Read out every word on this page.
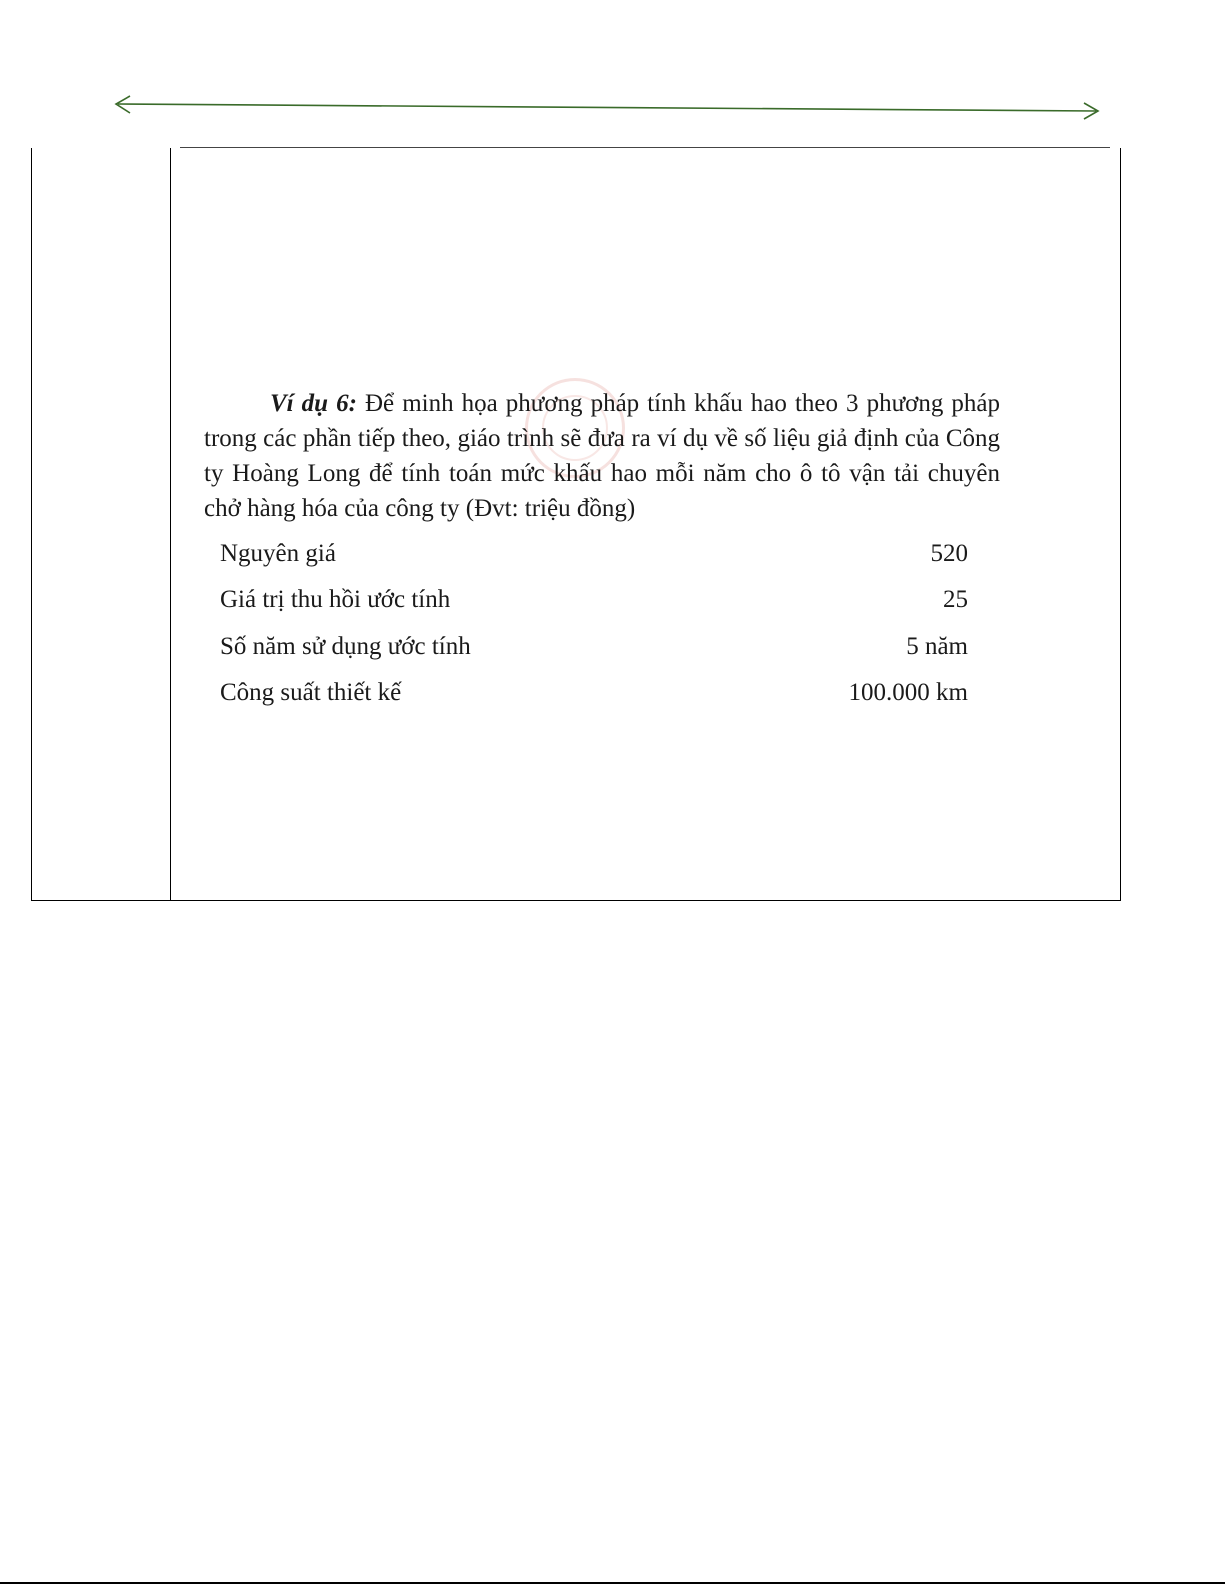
Ví dụ 6: Để minh họa phương pháp tính khấu hao theo 3 phương pháp trong các phần tiếp theo, giáo trình sẽ đưa ra ví dụ về số liệu giả định của Công ty Hoàng Long để tính toán mức khấu hao mỗi năm cho ô tô vận tải chuyên chở hàng hóa của công ty (Đvt: triệu đồng)
Nguyên giá	520
Giá trị thu hồi ước tính	25
Số năm sử dụng ước tính	5 năm
Công suất thiết kế	100.000 km
